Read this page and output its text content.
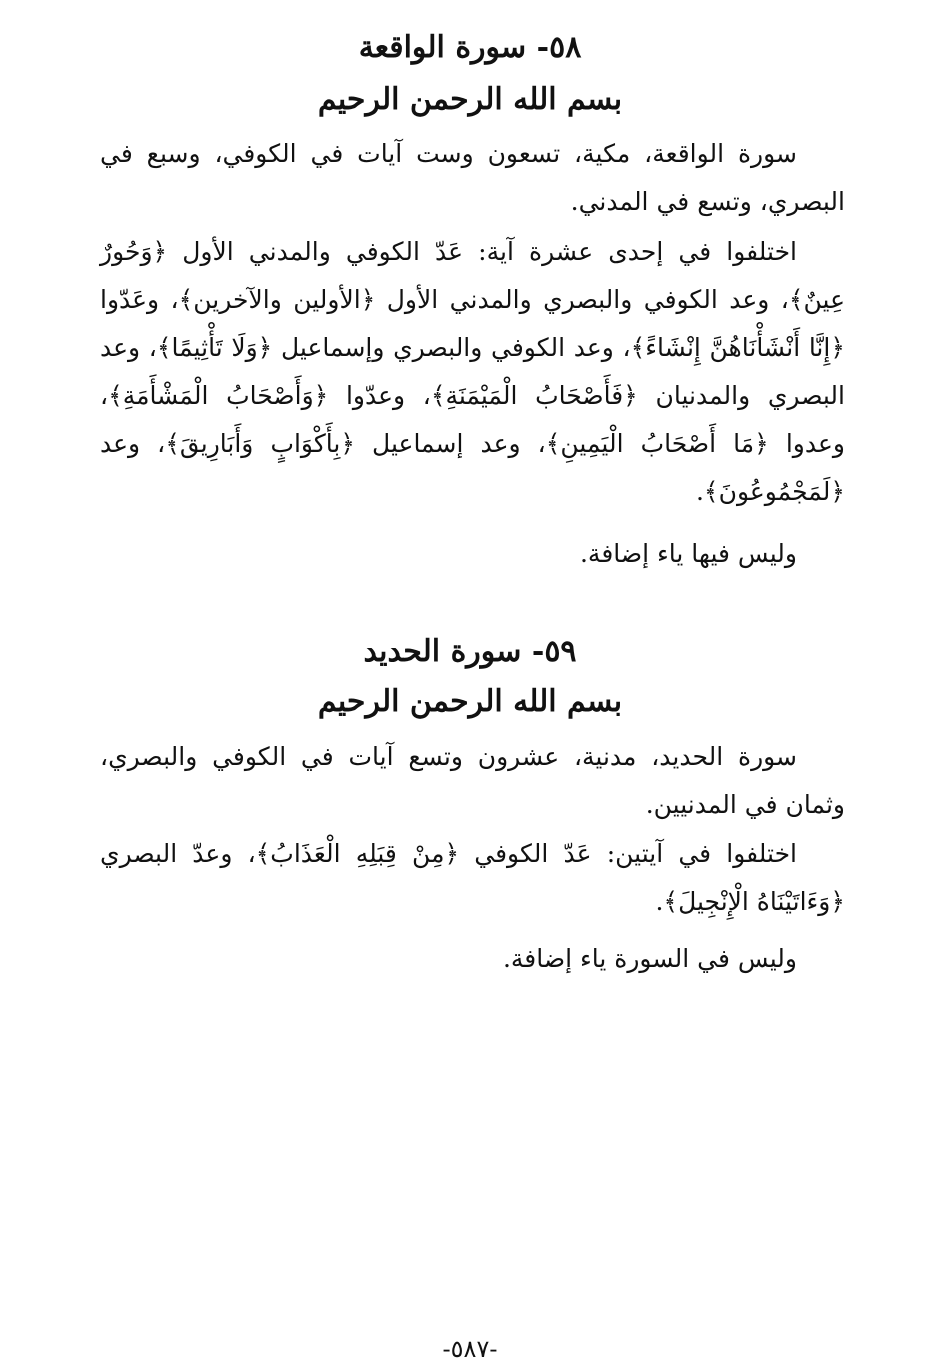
٥٨- سورة الواقعة
بسم الله الرحمن الرحيم
سورة الواقعة، مكية، تسعون وست آيات في الكوفي، وسبع في البصري، وتسع في المدني.
اختلفوا في إحدى عشرة آية: عَدّ الكوفي والمدني الأول ﴿وَحُورٌ عِينٌ﴾، وعد الكوفي والبصري والمدني الأول ﴿الأولين والآخرين﴾، وعَدّوا ﴿إِنَّا أَنْشَأْنَاهُنَّ إِنْشَاءً﴾، وعد الكوفي والبصري وإسماعيل ﴿وَلَا تَأْثِيمًا﴾، وعد البصري والمدنيان ﴿فَأَصْحَابُ الْمَيْمَنَةِ﴾، وعدّوا ﴿وَأَصْحَابُ الْمَشْأَمَةِ﴾، وعدوا ﴿مَا أَصْحَابُ الْيَمِينِ﴾، وعد إسماعيل ﴿بِأَكْوَابٍ وَأَبَارِيقَ﴾، وعد ﴿لَمَجْمُوعُونَ﴾.
وليس فيها ياء إضافة.
٥٩- سورة الحديد
بسم الله الرحمن الرحيم
سورة الحديد، مدنية، عشرون وتسع آيات في الكوفي والبصري، وثمان في المدنيين.
اختلفوا في آيتين: عَدّ الكوفي ﴿مِنْ قِبَلِهِ الْعَذَابُ﴾، وعدّ البصري ﴿وَءَاتَيْنَاهُ الْإِنْجِيلَ﴾.
وليس في السورة ياء إضافة.
-٥٨٧-
